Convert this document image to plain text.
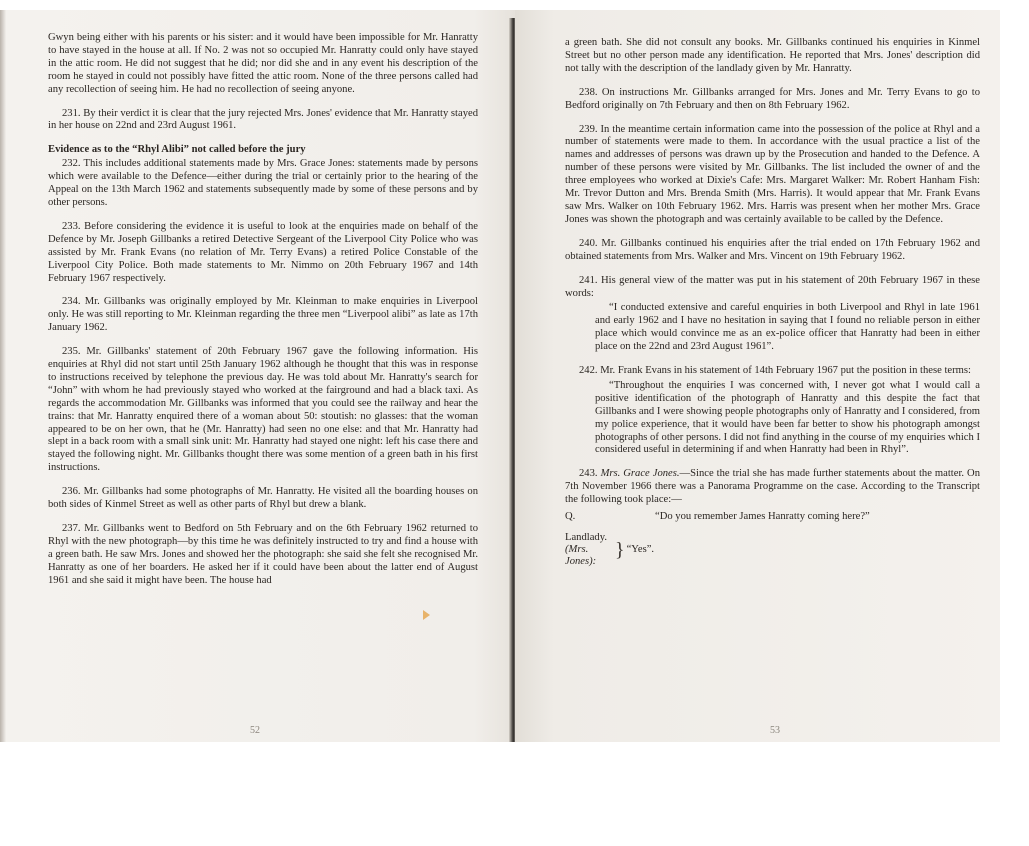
Gwyn being either with his parents or his sister: and it would have been impossible for Mr. Hanratty to have stayed in the house at all. If No. 2 was not so occupied Mr. Hanratty could only have stayed in the attic room. He did not suggest that he did; nor did she and in any event his description of the room he stayed in could not possibly have fitted the attic room. None of the three persons called had any recollection of seeing him. He had no recollection of seeing anyone.

231. By their verdict it is clear that the jury rejected Mrs. Jones' evidence that Mr. Hanratty stayed in her house on 22nd and 23rd August 1961.

Evidence as to the “Rhyl Alibi” not called before the jury

232. This includes additional statements made by Mrs. Grace Jones: statements made by persons which were available to the Defence—either during the trial or certainly prior to the hearing of the Appeal on the 13th March 1962 and statements subsequently made by some of these persons and by other persons.

233. Before considering the evidence it is useful to look at the enquiries made on behalf of the Defence by Mr. Joseph Gillbanks a retired Detective Sergeant of the Liverpool City Police who was assisted by Mr. Frank Evans (no relation of Mr. Terry Evans) a retired Police Constable of the Liverpool City Police. Both made statements to Mr. Nimmo on 20th February 1967 and 14th February 1967 respectively.

234. Mr. Gillbanks was originally employed by Mr. Kleinman to make enquiries in Liverpool only. He was still reporting to Mr. Kleinman regarding the three men “Liverpool alibi” as late as 17th January 1962.

235. Mr. Gillbanks' statement of 20th February 1967 gave the following information. His enquiries at Rhyl did not start until 25th January 1962 although he thought that this was in response to instructions received by telephone the previous day. He was told about Mr. Hanratty's search for “John” with whom he had previously stayed who worked at the fairground and had a black taxi. As regards the accommodation Mr. Gillbanks was informed that you could see the railway and hear the trains: that Mr. Hanratty enquired there of a woman about 50: stoutish: no glasses: that the woman appeared to be on her own, that he (Mr. Hanratty) had seen no one else: and that Mr. Hanratty had slept in a back room with a small sink unit: Mr. Hanratty had stayed one night: left his case there and stayed the following night. Mr. Gillbanks thought there was some mention of a green bath in his first instructions.

236. Mr. Gillbanks had some photographs of Mr. Hanratty. He visited all the boarding houses on both sides of Kinmel Street as well as other parts of Rhyl but drew a blank.

237. Mr. Gillbanks went to Bedford on 5th February and on the 6th February 1962 returned to Rhyl with the new photograph—by this time he was definitely instructed to try and find a house with a green bath. He saw Mrs. Jones and showed her the photograph: she said she felt she recognised Mr. Hanratty as one of her boarders. He asked her if it could have been about the latter end of August 1961 and she said it might have been. The house had

52

a green bath. She did not consult any books. Mr. Gillbanks continued his enquiries in Kinmel Street but no other person made any identification. He reported that Mrs. Jones' description did not tally with the description of the landlady given by Mr. Hanratty.

238. On instructions Mr. Gillbanks arranged for Mrs. Jones and Mr. Terry Evans to go to Bedford originally on 7th February and then on 8th February 1962.

239. In the meantime certain information came into the possession of the police at Rhyl and a number of statements were made to them. In accordance with the usual practice a list of the names and addresses of persons was drawn up by the Prosecution and handed to the Defence. A number of these persons were visited by Mr. Gillbanks. The list included the owner of and the three employees who worked at Dixie's Cafe: Mrs. Margaret Walker: Mr. Robert Hanham Fish: Mr. Trevor Dutton and Mrs. Brenda Smith (Mrs. Harris). It would appear that Mr. Frank Evans saw Mrs. Walker on 10th February 1962. Mrs. Harris was present when her mother Mrs. Grace Jones was shown the photograph and was certainly available to be called by the Defence.

240. Mr. Gillbanks continued his enquiries after the trial ended on 17th February 1962 and obtained statements from Mrs. Walker and Mrs. Vincent on 19th February 1962.

241. His general view of the matter was put in his statement of 20th February 1967 in these words:

“I conducted extensive and careful enquiries in both Liverpool and Rhyl in late 1961 and early 1962 and I have no hesitation in saying that I found no reliable person in either place which would convince me as an ex-police officer that Hanratty had been in either place on the 22nd and 23rd August 1961”.

242. Mr. Frank Evans in his statement of 14th February 1967 put the position in these terms:

“Throughout the enquiries I was concerned with, I never got what I would call a positive identification of the photograph of Hanratty and this despite the fact that Gillbanks and I were showing people photographs only of Hanratty and I considered, from my police experience, that it would have been far better to show his photograph amongst photographs of other persons. I did not find anything in the course of my enquiries which I considered useful in determining if and when Hanratty had been in Rhyl”.

243. Mrs. Grace Jones.—Since the trial she has made further statements about the matter. On 7th November 1966 there was a Panorama Programme on the case. According to the Transcript the following took place:—

Q.	“Do you remember James Hanratty coming here?”
Landlady.
(Mrs. Jones):
} “Yes”.
53
